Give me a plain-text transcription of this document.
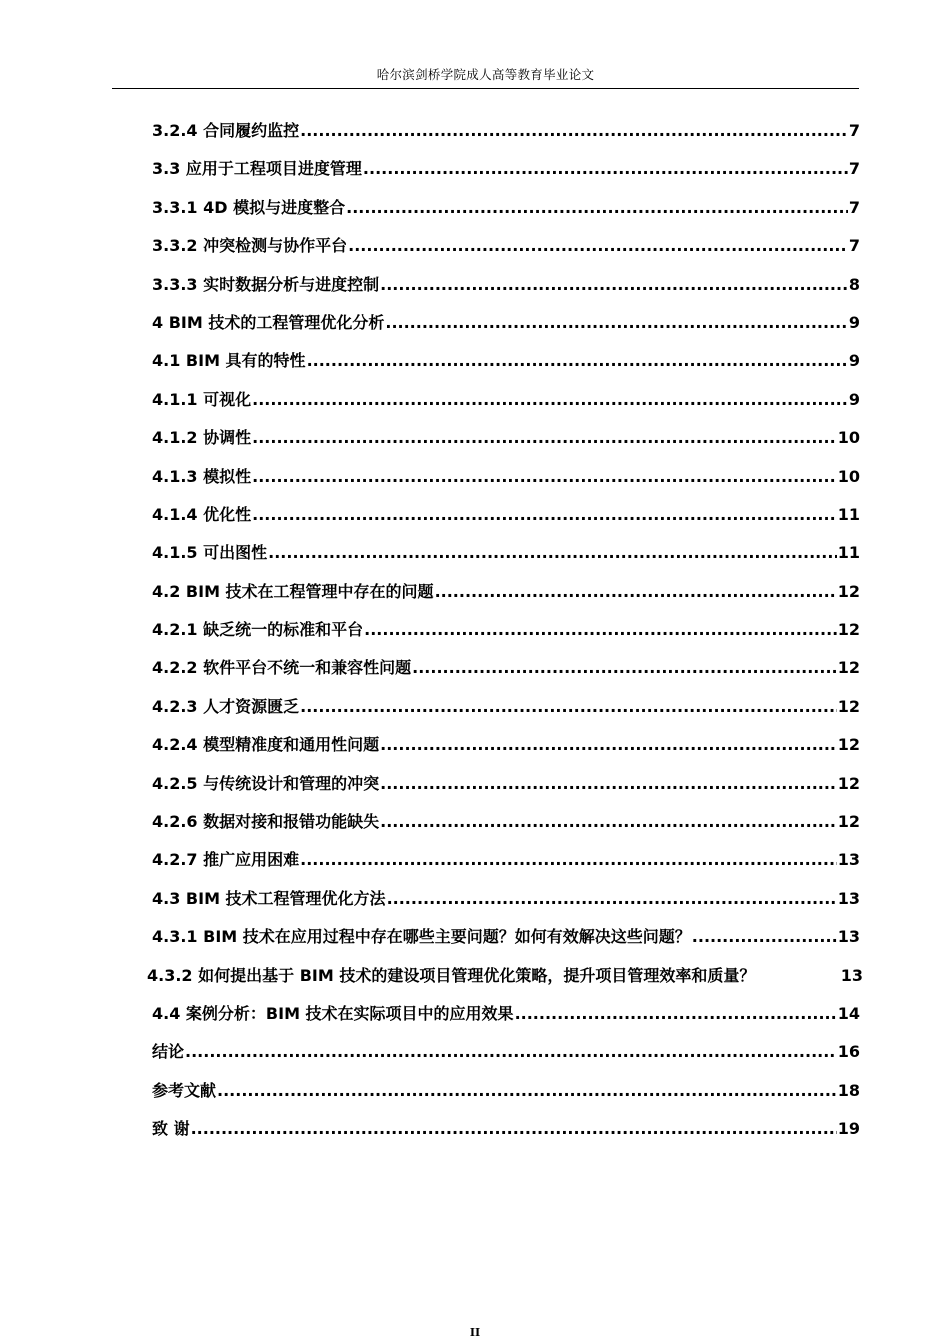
哈尔滨剑桥学院成人高等教育毕业论文
3.2.4 合同履约监控 .....	7
3.3 应用于工程项目进度管理 .....	7
3.3.1 4D 模拟与进度整合 .....	7
3.3.2 冲突检测与协作平台 .....	7
3.3.3 实时数据分析与进度控制 .....	8
4 BIM 技术的工程管理优化分析 .....	9
4.1 BIM 具有的特性 .....	9
4.1.1 可视化 .....	9
4.1.2 协调性 .....	10
4.1.3 模拟性 .....	10
4.1.4 优化性 .....	11
4.1.5 可出图性 .....	11
4.2 BIM 技术在工程管理中存在的问题 .....	12
4.2.1 缺乏统一的标准和平台 .....	12
4.2.2 软件平台不统一和兼容性问题 .....	12
4.2.3 人才资源匮乏 .....	12
4.2.4 模型精准度和通用性问题 .....	12
4.2.5 与传统设计和管理的冲突 .....	12
4.2.6 数据对接和报错功能缺失 .....	12
4.2.7 推广应用困难 .....	13
4.3 BIM 技术工程管理优化方法 .....	13
4.3.1 BIM 技术在应用过程中存在哪些主要问题？如何有效解决这些问题？ .....	13
4.3.2 如何提出基于 BIM 技术的建设项目管理优化策略，提升项目管理效率和质量？	13
4.4 案例分析：BIM 技术在实际项目中的应用效果 .....	14
结论 .....	16
参考文献 .....	18
致 谢 .....	19
II
